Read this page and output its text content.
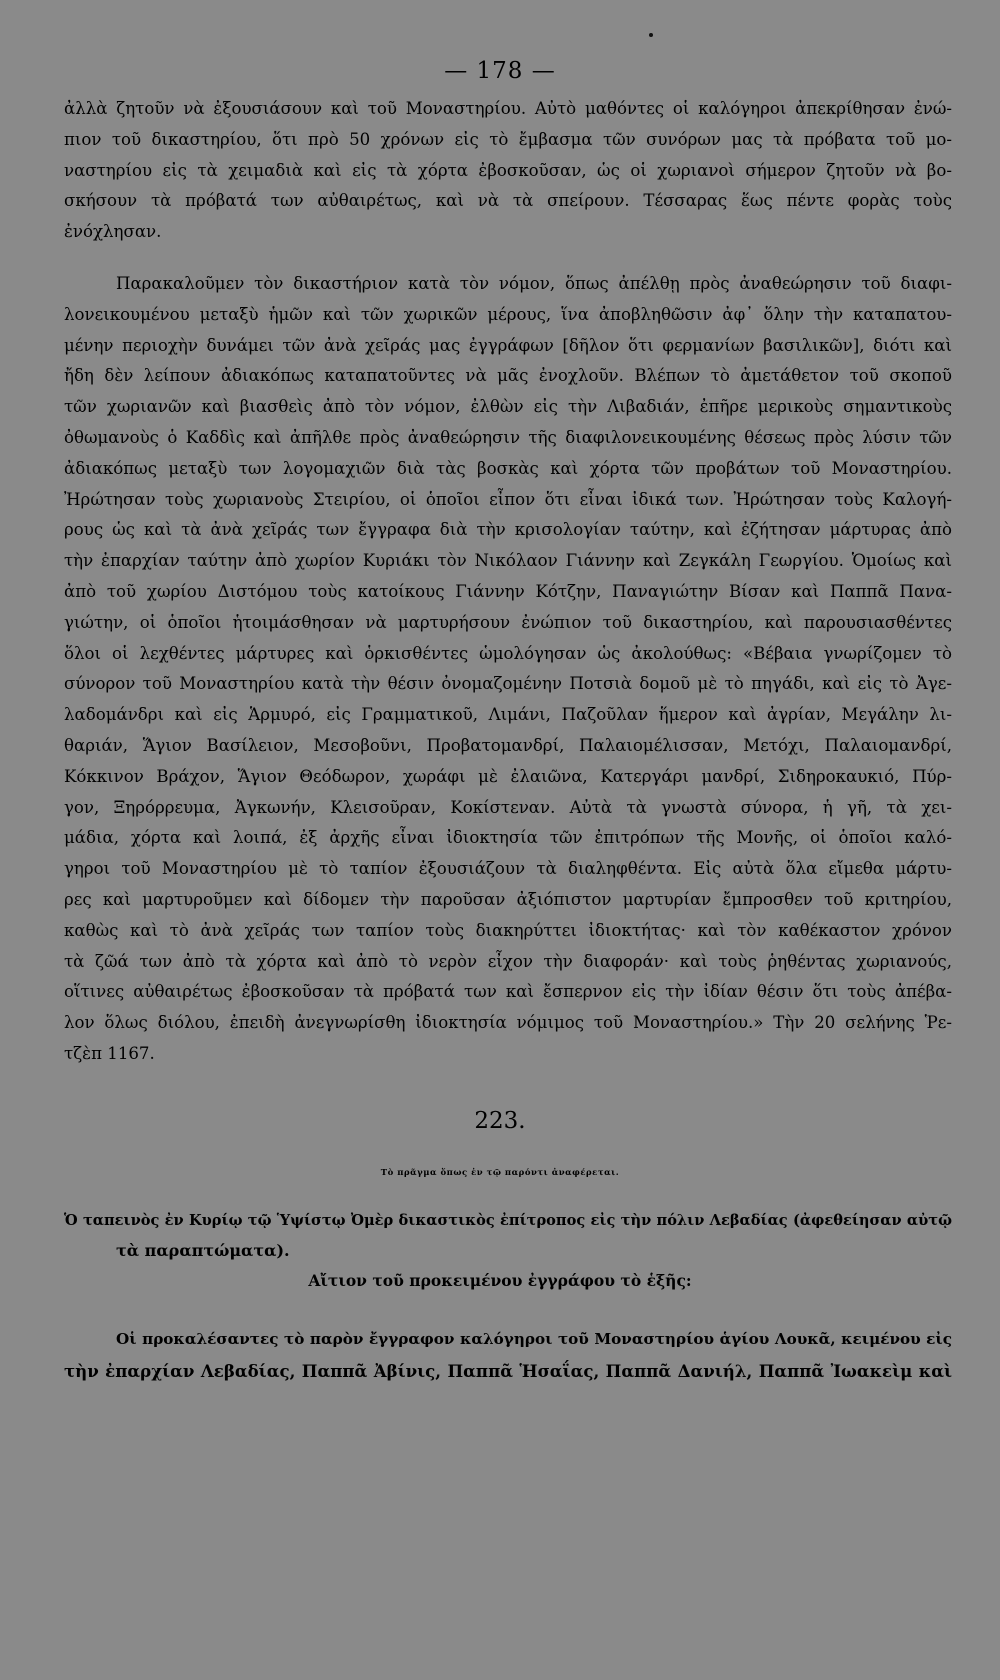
— 178 —
ἀλλὰ ζητοῦν νὰ ἐξουσιάσουν καὶ τοῦ Μοναστηρίου. Αὐτὸ μαθόντες οἱ καλόγηροι ἀπεκρίθησαν ἐνώ-
πιον τοῦ δικαστηρίου, ὅτι πρὸ 50 χρόνων εἰς τὸ ἔμβασμα τῶν συνόρων μας τὰ πρόβατα τοῦ μο-
ναστηρίου εἰς τὰ χειμαδιὰ καὶ εἰς τὰ χόρτα ἐβοσκοῦσαν, ὡς οἱ χωριανοὶ σήμερον ζητοῦν νὰ βο-
σκήσουν τὰ πρόβατά των αὐθαιρέτως, καὶ νὰ τὰ σπείρουν. Τέσσαρας ἕως πέντε φορὰς τοὺς
ἐνόχλησαν.
Παρακαλοῦμεν τὸν δικαστήριον κατὰ τὸν νόμον, ὅπως ἀπέλθῃ πρὸς ἀναθεώρησιν τοῦ διαφι-
λονεικουμένου μεταξὺ ἡμῶν καὶ τῶν χωρικῶν μέρους, ἵνα ἀποβληθῶσιν ἀφ᾽ ὅλην τὴν καταπατου-
μένην περιοχὴν δυνάμει τῶν ἀνὰ χεῖράς μας ἐγγράφων [δῆλον ὅτι φερμανίων βασιλικῶν], διότι καὶ
ἤδη δὲν λείπουν ἀδιακόπως καταπατοῦντες νὰ μᾶς ἐνοχλοῦν. Βλέπων τὸ ἀμετάθετον τοῦ σκοποῦ
τῶν χωριανῶν καὶ βιασθεὶς ἀπὸ τὸν νόμον, ἐλθὼν εἰς τὴν Λιβαδιάν, ἐπῆρε μερικοὺς σημαντικοὺς
ὀθωμανοὺς ὁ Καδδὶς καὶ ἀπῆλθε πρὸς ἀναθεώρησιν τῆς διαφιλονεικουμένης θέσεως πρὸς λύσιν τῶν
ἀδιακόπως μεταξὺ των λογομαχιῶν διὰ τὰς βοσκὰς καὶ χόρτα τῶν προβάτων τοῦ Μοναστηρίου.
Ἠρώτησαν τοὺς χωριανοὺς Στειρίου, οἱ ὁποῖοι εἶπον ὅτι εἶναι ἰδικά των. Ἠρώτησαν τοὺς Καλογή-
ρους ὡς καὶ τὰ ἀνὰ χεῖράς των ἔγγραφα διὰ τὴν κρισολογίαν ταύτην, καὶ ἐζήτησαν μάρτυρας ἀπὸ
τὴν ἐπαρχίαν ταύτην ἀπὸ χωρίον Κυριάκι τὸν Νικόλαον Γιάννην καὶ Ζεγκάλη Γεωργίου. Ὁμοίως καὶ
ἀπὸ τοῦ χωρίου Διστόμου τοὺς κατοίκους Γιάννην Κότζην, Παναγιώτην Βίσαν καὶ Παππᾶ Πανα-
γιώτην, οἱ ὁποῖοι ἡτοιμάσθησαν νὰ μαρτυρήσουν ἐνώπιον τοῦ δικαστηρίου, καὶ παρουσιασθέντες
ὅλοι οἱ λεχθέντες μάρτυρες καὶ ὁρκισθέντες ὡμολόγησαν ὡς ἀκολούθως: «Βέβαια γνωρίζομεν τὸ
σύνορον τοῦ Μοναστηρίου κατὰ τὴν θέσιν ὀνομαζομένην Ποτσιὰ δομοῦ μὲ τὸ πηγάδι, καὶ εἰς τὸ Ἀγε-
λαδομάνδρι καὶ εἰς Ἁρμυρό, εἰς Γραμματικοῦ, Λιμάνι, Παζοῦλαν ἥμερον καὶ ἀγρίαν, Μεγάλην λι-
θαριάν, Ἅγιον Βασίλειον, Μεσοβοῦνι, Προβατομανδρί, Παλαιομέλισσαν, Μετόχι, Παλαιομανδρί,
Κόκκινον Βράχον, Ἅγιον Θεόδωρον, χωράφι μὲ ἐλαιῶνα, Κατεργάρι μανδρί, Σιδηροκαυκιό, Πύρ-
γον, Ξηρόρρευμα, Ἀγκωνήν, Κλεισοῦραν, Κοκίστεναν. Αὐτὰ τὰ γνωστὰ σύνορα, ἡ γῆ, τὰ χει-
μάδια, χόρτα καὶ λοιπά, ἐξ ἀρχῆς εἶναι ἰδιοκτησία τῶν ἐπιτρόπων τῆς Μονῆς, οἱ ὁποῖοι καλό-
γηροι τοῦ Μοναστηρίου μὲ τὸ ταπίον ἐξουσιάζουν τὰ διαληφθέντα. Εἰς αὐτὰ ὅλα εἴμεθα μάρτυ-
ρες καὶ μαρτυροῦμεν καὶ δίδομεν τὴν παροῦσαν ἀξιόπιστον μαρτυρίαν ἔμπροσθεν τοῦ κριτηρίου,
καθὼς καὶ τὸ ἀνὰ χεῖράς των ταπίον τοὺς διακηρύττει ἰδιοκτήτας· καὶ τὸν καθέκαστον χρόνον
τὰ ζῶά των ἀπὸ τὰ χόρτα καὶ ἀπὸ τὸ νερὸν εἶχον τὴν διαφοράν· καὶ τοὺς ῥηθέντας χωριανούς,
οἵτινες αὐθαιρέτως ἐβοσκοῦσαν τὰ πρόβατά των καὶ ἔσπερνον εἰς τὴν ἰδίαν θέσιν ὅτι τοὺς ἀπέβα-
λον ὅλως διόλου, ἐπειδὴ ἀνεγνωρίσθη ἰδιοκτησία νόμιμος τοῦ Μοναστηρίου.» Τὴν 20 σελήνης Ῥε-
τζὲπ 1167.
223.
Τὸ πρᾶγμα ὅπως ἐν τῷ παρόντι ἀναφέρεται.
Ὁ ταπεινὸς ἐν Κυρίῳ τῷ Ὑψίστῳ Ὀμὲρ δικαστικὸς ἐπίτροπος εἰς τὴν πόλιν Λεβαδίας (ἀφεθείησαν αὐτῷ
τὰ παραπτώματα).
Αἴτιον τοῦ προκειμένου ἐγγράφου τὸ ἑξῆς:
Οἱ προκαλέσαντες τὸ παρὸν ἔγγραφον καλόγηροι τοῦ Μοναστηρίου ἁγίου Λουκᾶ, κειμένου εἰς
τὴν ἐπαρχίαν Λεβαδίας, Παππᾶ Ἀβίνις, Παππᾶ Ἡσαΐας, Παππᾶ Δανιήλ, Παππᾶ Ἰωακεὶμ καὶ
